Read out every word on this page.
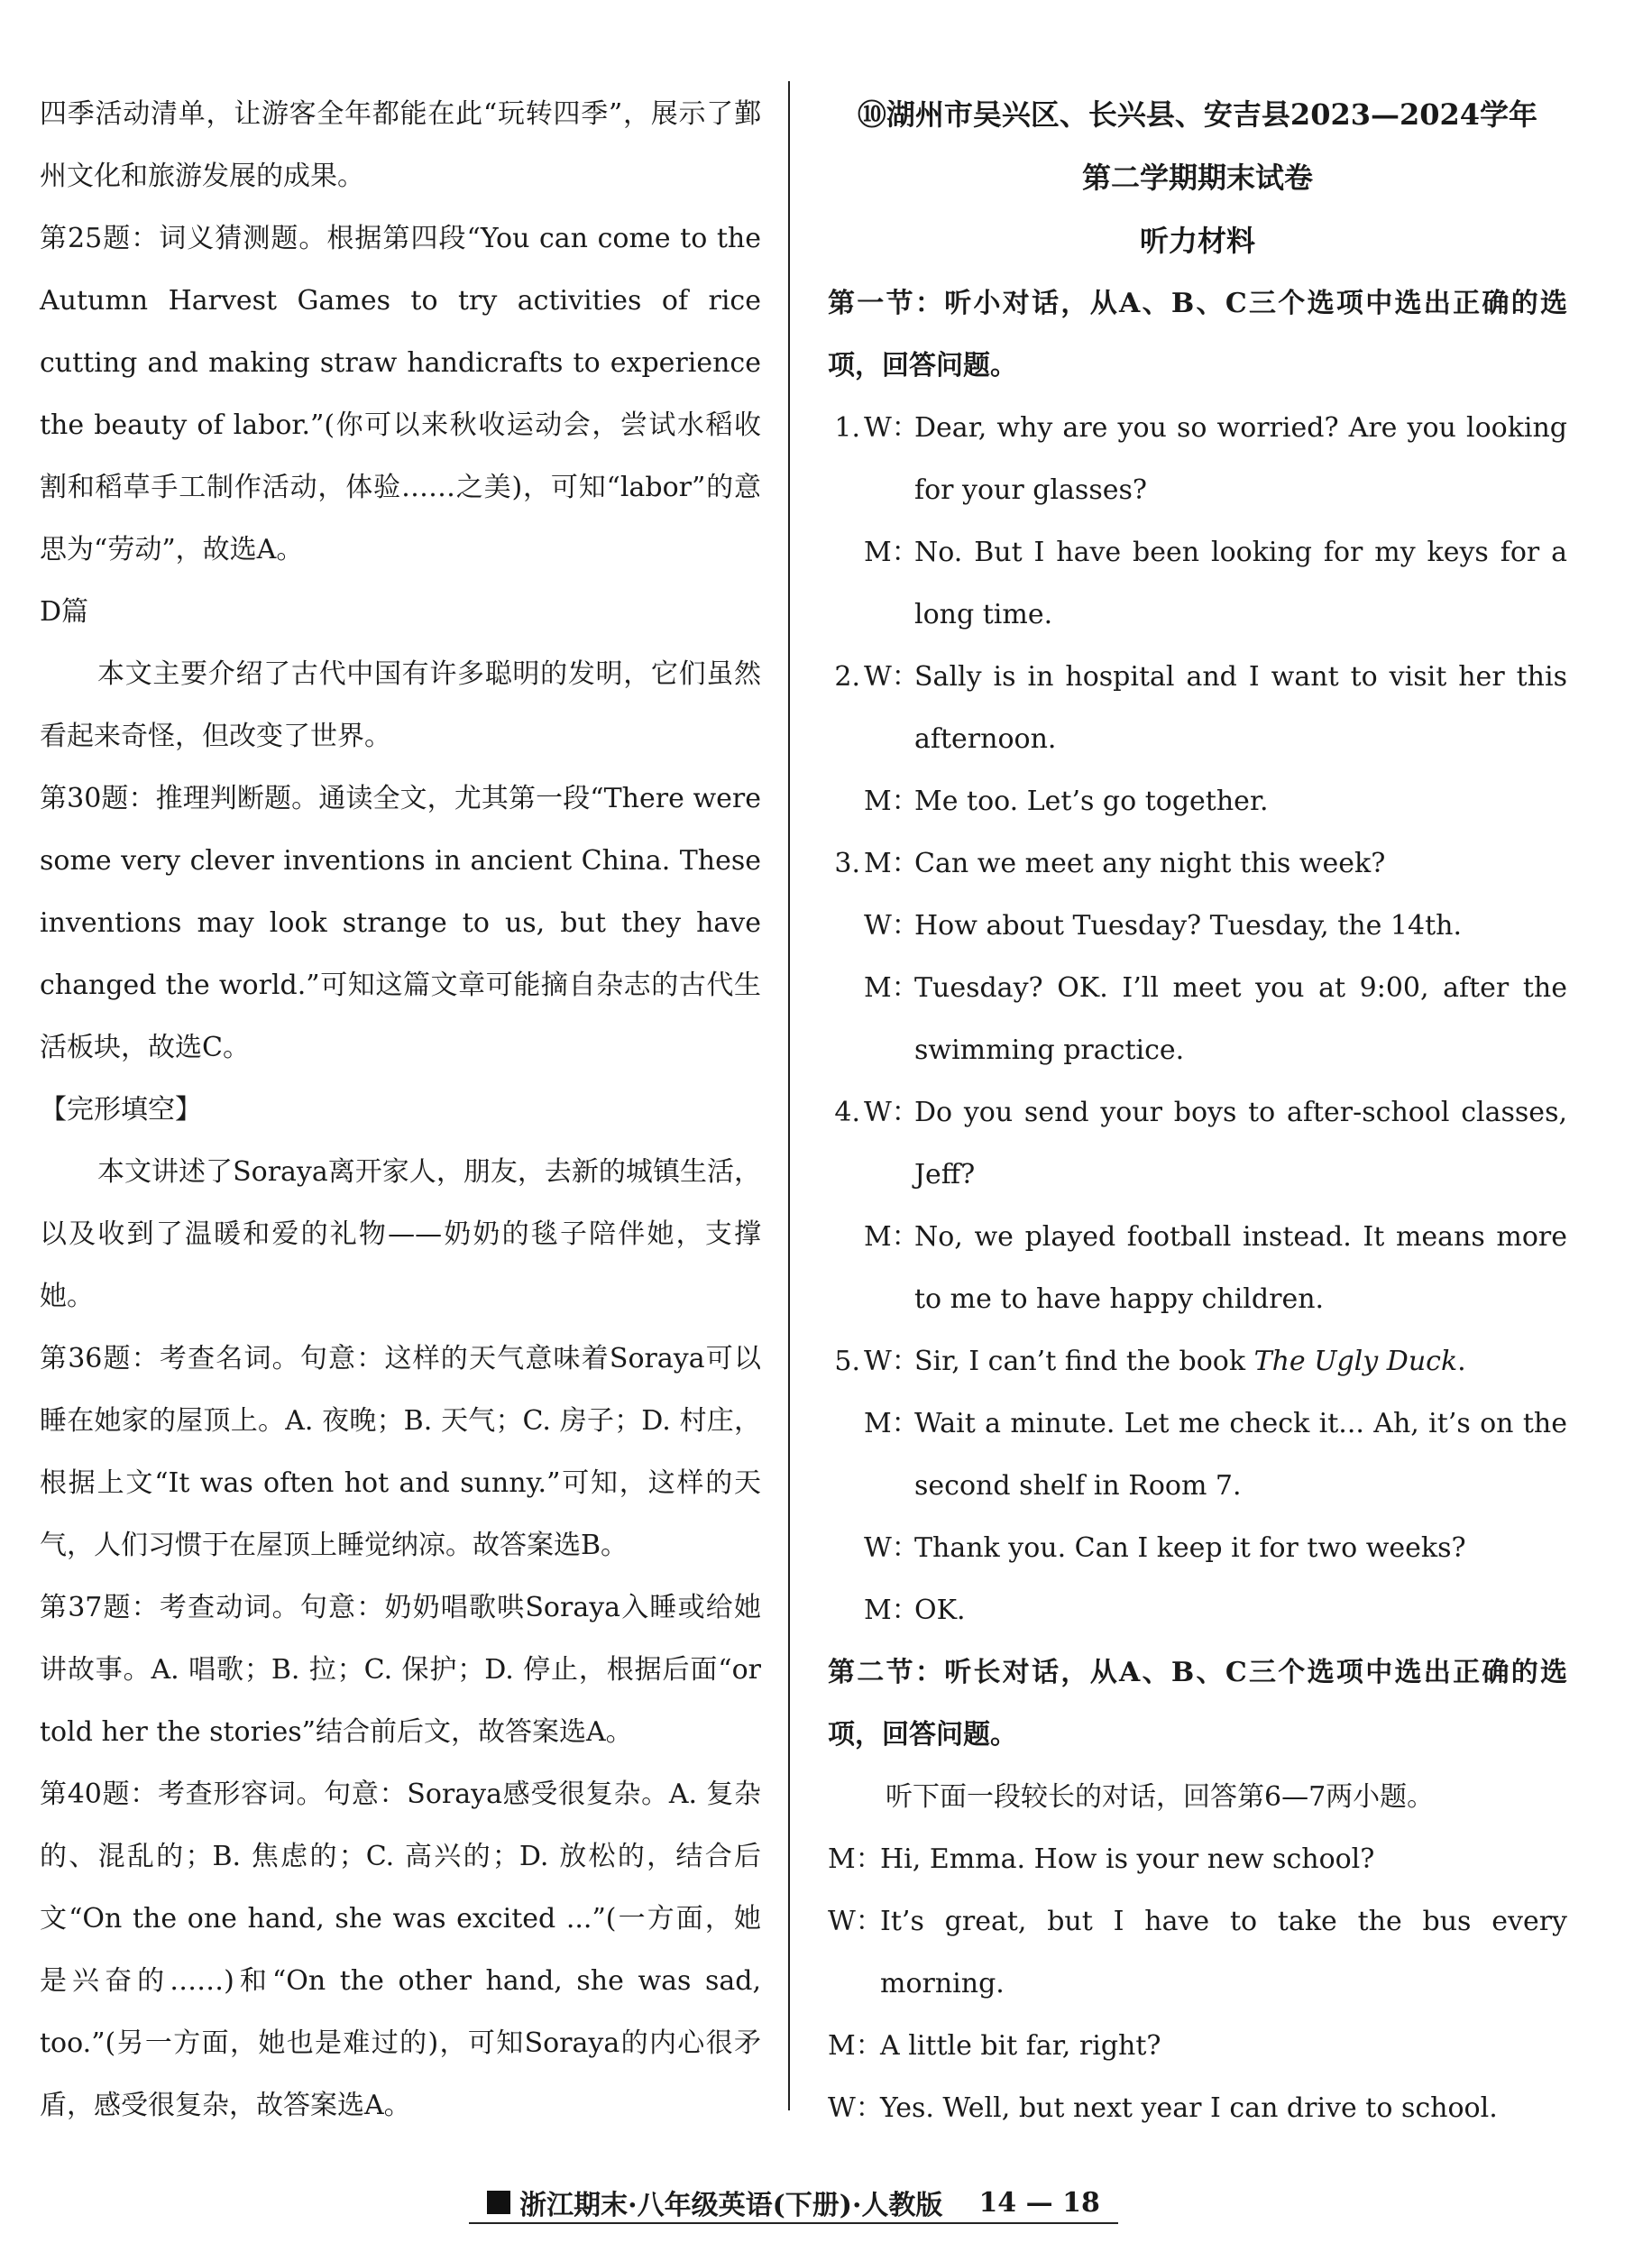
四季活动清单，让游客全年都能在此“玩转四季”，展示了鄞州文化和旅游发展的成果。

第25题：词义猜测题。根据第四段“You can come to the Autumn Harvest Games to try activities of rice cutting and making straw handicrafts to experience the beauty of labor.”(你可以来秋收运动会，尝试水稻收割和稻草手工制作活动，体验……之美)，可知“labor”的意思为“劳动”，故选A。

D篇

本文主要介绍了古代中国有许多聪明的发明，它们虽然看起来奇怪，但改变了世界。

第30题：推理判断题。通读全文，尤其第一段“There were some very clever inventions in ancient China. These inventions may look strange to us, but they have changed the world.”可知这篇文章可能摘自杂志的古代生活板块，故选C。

【完形填空】

本文讲述了Soraya离开家人，朋友，去新的城镇生活，以及收到了温暖和爱的礼物——奶奶的毯子陪伴她，支撑她。

第36题：考查名词。句意：这样的天气意味着Soraya可以睡在她家的屋顶上。A. 夜晚；B. 天气；C. 房子；D. 村庄，根据上文“It was often hot and sunny.”可知，这样的天气，人们习惯于在屋顶上睡觉纳凉。故答案选B。

第37题：考查动词。句意：奶奶唱歌哄Soraya入睡或给她讲故事。A. 唱歌；B. 拉；C. 保护；D. 停止，根据后面“or told her the stories”结合前后文，故答案选A。

第40题：考查形容词。句意：Soraya感受很复杂。A. 复杂的、混乱的；B. 焦虑的；C. 高兴的；D. 放松的，结合后文“On the one hand, she was excited ...”(一方面，她是兴奋的……)和“On the other hand, she was sad, too.”(另一方面，她也是难过的)，可知Soraya的内心很矛盾，感受很复杂，故答案选A。

⑩湖州市吴兴区、长兴县、安吉县2023—2024学年
第二学期期末试卷
听力材料

第一节：听小对话，从A、B、C三个选项中选出正确的选项，回答问题。

1. W：
Dear, why are you so worried? Are you looking for your glasses?
M：
No. But I have been looking for my keys for a long time.
2. W：
Sally is in hospital and I want to visit her this afternoon.
M：
Me too. Let’s go together.
3. M：
Can we meet any night this week?
W：
How about Tuesday? Tuesday, the 14th.
M：
Tuesday? OK. I’ll meet you at 9:00, after the swimming practice.
4. W：
Do you send your boys to after-school classes, Jeff?
M：
No, we played football instead. It means more to me to have happy children.
5. W：
Sir, I can’t find the book The Ugly Duck.
M：
Wait a minute. Let me check it... Ah, it’s on the second shelf in Room 7.
W：
Thank you. Can I keep it for two weeks?
M：
OK.

第二节：听长对话，从A、B、C三个选项中选出正确的选项，回答问题。

听下面一段较长的对话，回答第6—7两小题。

M：
Hi, Emma. How is your new school?
W：
It’s great, but I have to take the bus every morning.
M：
A little bit far, right?
W：
Yes. Well, but next year I can drive to school.
浙江期末·八年级英语(下册)·人教版 14 — 18
